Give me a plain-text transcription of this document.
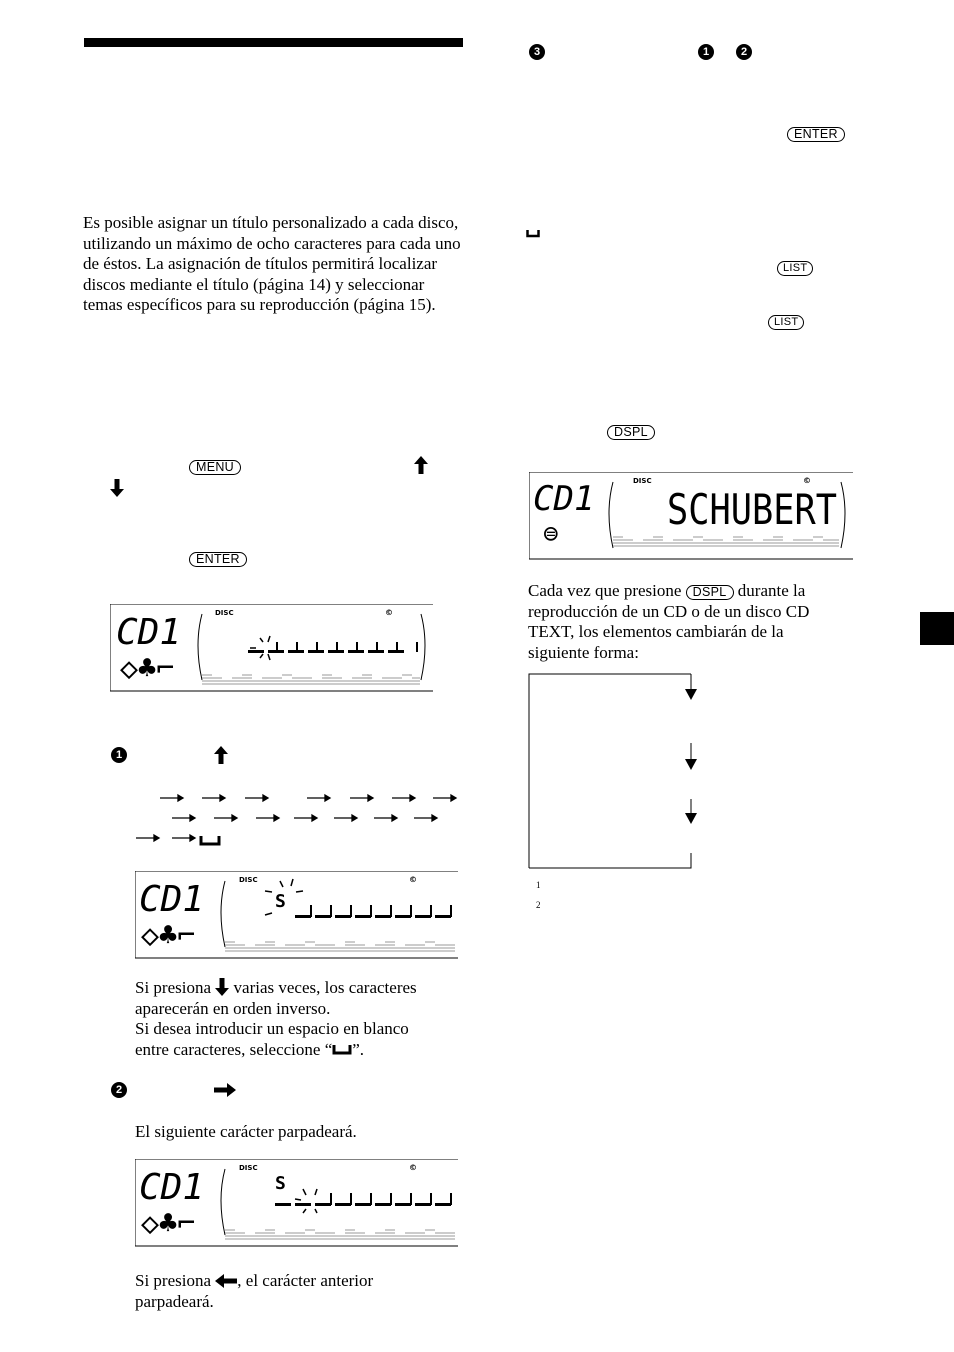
Es posible asignar un título personalizado a cada disco, utilizando un máximo de ocho caracteres para cada uno de éstos. La asignación de títulos permitirá localizar discos mediante el título (página 14) y seleccionar temas específicos para su reproducción (página 15).
MENU
ENTER
CD1	DISC	©
◇♣⌐
1
CD1	DISC	©
◇♣⌐
S
Si presiona varias veces, los caracteres
aparecerán en orden inverso.
Si desea introducir un espacio en blanco
entre caracteres, seleccione “ ”.
2
El siguiente carácter parpadeará.
CD1	DISC	©
◇♣⌐
S
Si presiona , el carácter anterior
parpadeará.
3	1	2
ENTER
LIST
LIST
DSPL
CD1	DISC	©
⊜	SCHUBERT
Cada vez que presione DSPL durante la
reproducción de un CD o de un disco CD
TEXT, los elementos cambiarán de la
siguiente forma:
1
2
